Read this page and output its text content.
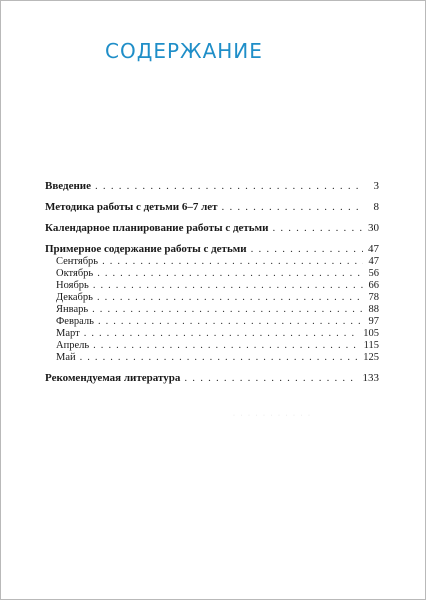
СОДЕРЖАНИЕ
Введение . . .	3
Методика работы с детьми 6–7 лет . . .	8
Календарное планирование работы с детьми . . .	30
Примерное содержание работы с детьми . . .	47
Сентябрь . . .	47
Октябрь . . .	56
Ноябрь . . .	66
Декабрь . . .	78
Январь . . .	88
Февраль . . .	97
Март . . .	105
Апрель . . .	115
Май . . .	125
Рекомендуемая литература . . .	133
· · · · · · · · · · ·
